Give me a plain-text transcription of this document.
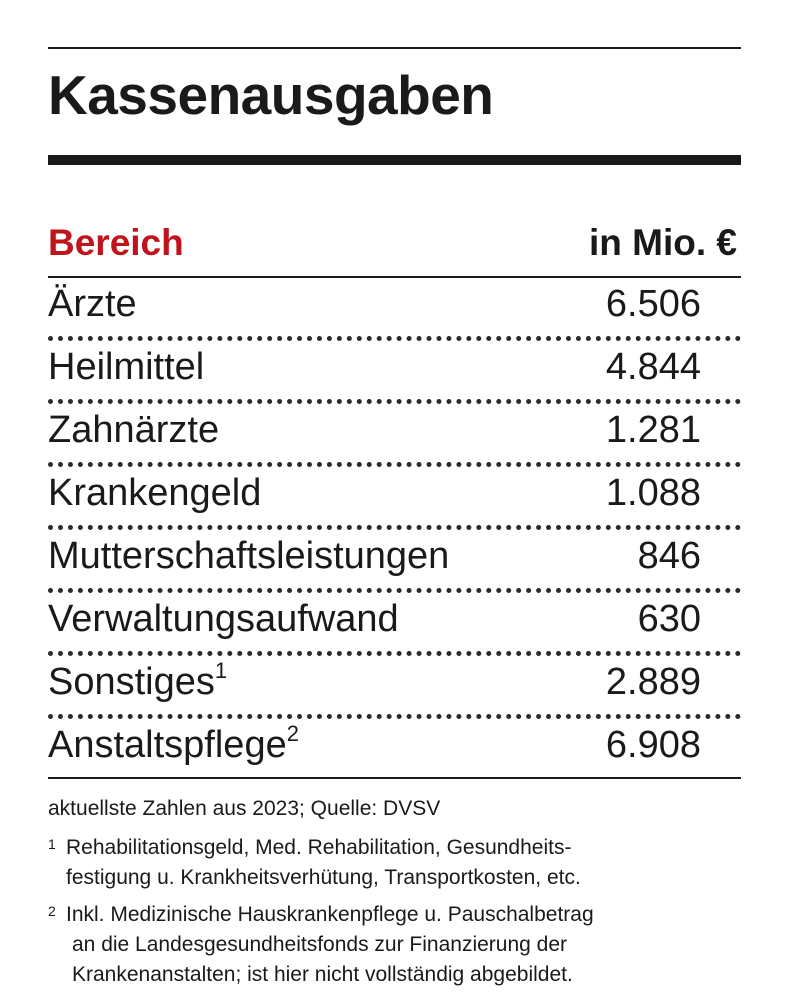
Kassenausgaben
Bereich	in Mio. €
Ärzte	6.506
Heilmittel	4.844
Zahnärzte	1.281
Krankengeld	1.088
Mutterschaftsleistungen	846
Verwaltungsaufwand	630
Sonstiges$^1$	2.889
Anstaltspflege$^2$	6.908
aktuellste Zahlen aus 2023; Quelle: DVSV
1 Rehabilitationsgeld, Med. Rehabilitation, Gesundheits-
festigung u. Krankheitsverhütung, Transportkosten, etc.
2 Inkl. Medizinische Hauskrankenpflege u. Pauschalbetrag
an die Landesgesundheitsfonds zur Finanzierung der
Krankenanstalten; ist hier nicht vollständig abgebildet.
